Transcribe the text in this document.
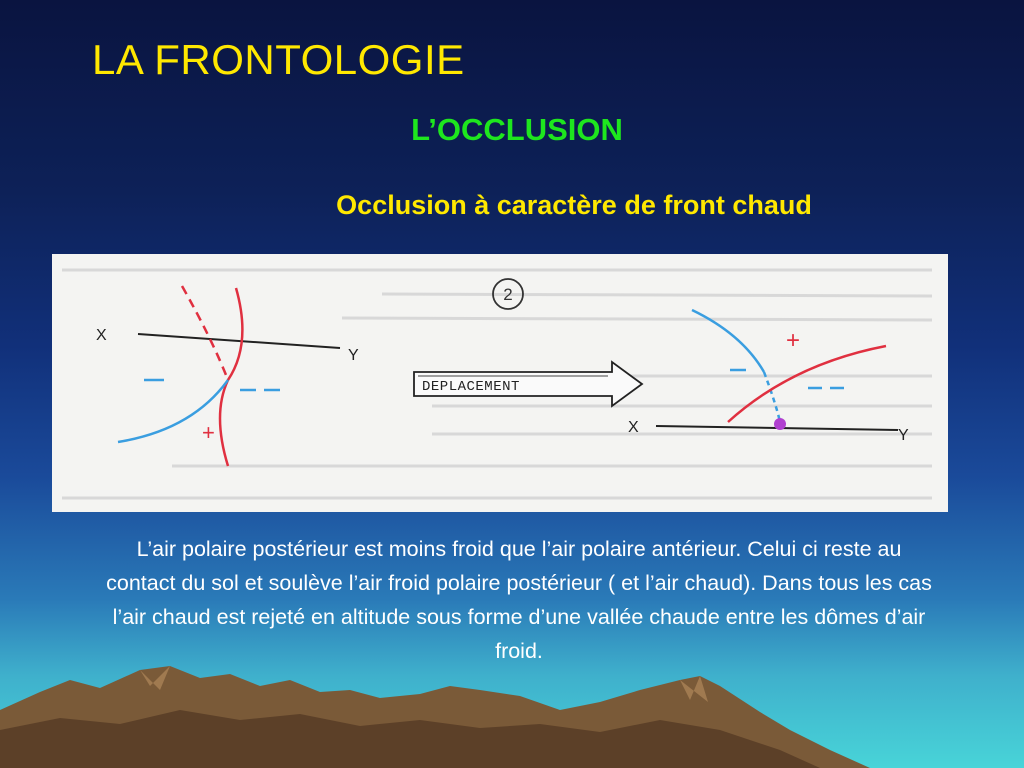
LA FRONTOLOGIE
L’OCCLUSION
Occlusion à caractère de front chaud
X
Y
+
2
DEPLACEMENT
X	Y
+

L’air polaire postérieur est moins froid que l’air polaire antérieur. Celui ci reste au contact du sol et soulève l’air froid polaire postérieur ( et l’air chaud). Dans tous les cas l’air chaud est rejeté en altitude sous forme d’une vallée chaude entre les dômes d’air froid.
